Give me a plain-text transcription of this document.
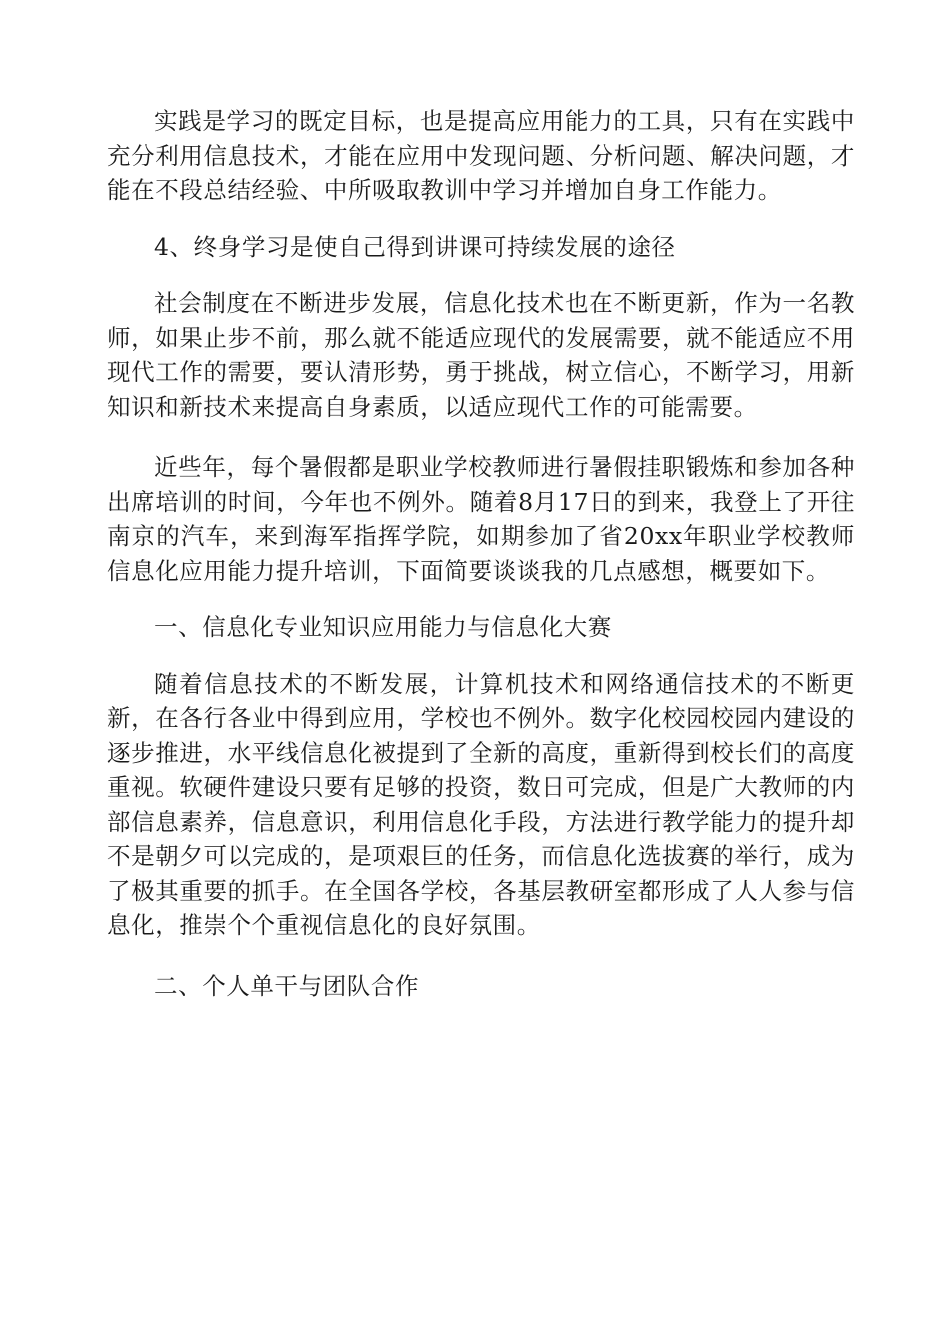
实践是学习的既定目标，也是提高应用能力的工具，只有在实践中充分利用信息技术，才能在应用中发现问题、分析问题、解决问题，才能在不段总结经验、中所吸取教训中学习并增加自身工作能力。

4、终身学习是使自己得到讲课可持续发展的途径

社会制度在不断进步发展，信息化技术也在不断更新，作为一名教师，如果止步不前，那么就不能适应现代的发展需要，就不能适应不用现代工作的需要，要认清形势，勇于挑战，树立信心，不断学习，用新知识和新技术来提高自身素质，以适应现代工作的可能需要。

近些年，每个暑假都是职业学校教师进行暑假挂职锻炼和参加各种出席培训的时间，今年也不例外。随着8月17日的到来，我登上了开往南京的汽车，来到海军指挥学院，如期参加了省20xx年职业学校教师信息化应用能力提升培训，下面简要谈谈我的几点感想，概要如下。

一、信息化专业知识应用能力与信息化大赛

随着信息技术的不断发展，计算机技术和网络通信技术的不断更新，在各行各业中得到应用，学校也不例外。数字化校园校园内建设的逐步推进，水平线信息化被提到了全新的高度，重新得到校长们的高度重视。软硬件建设只要有足够的投资，数日可完成，但是广大教师的内部信息素养，信息意识，利用信息化手段，方法进行教学能力的提升却不是朝夕可以完成的，是项艰巨的任务，而信息化选拔赛的举行，成为了极其重要的抓手。在全国各学校，各基层教研室都形成了人人参与信息化，推崇个个重视信息化的良好氛围。

二、个人单干与团队合作
